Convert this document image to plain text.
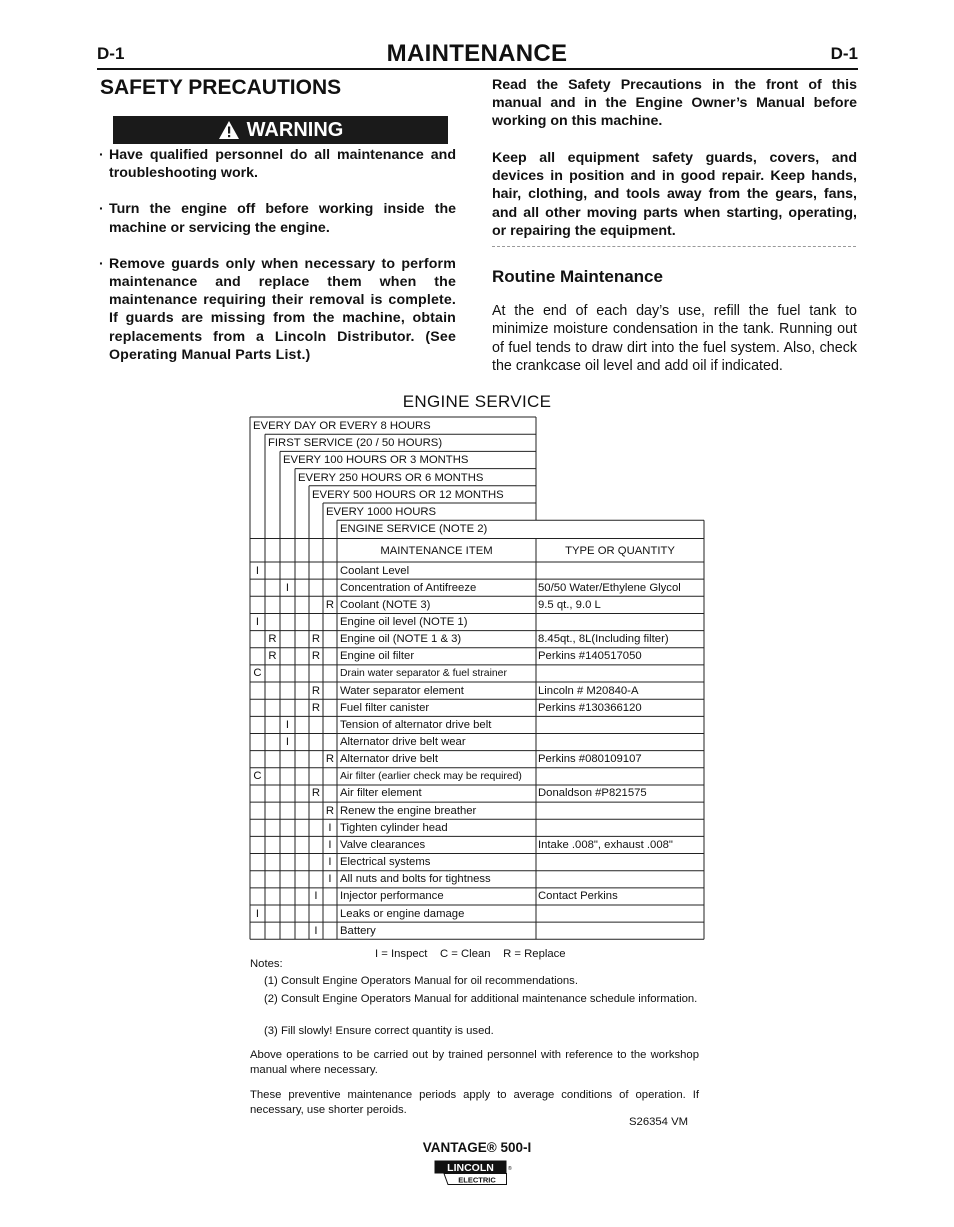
D-1	D-1
MAINTENANCE
SAFETY PRECAUTIONS
WARNING
· Have qualified personnel do all maintenance and troubleshooting work.
· Turn the engine off before working inside the machine or servicing the engine.
· Remove guards only when necessary to perform maintenance and replace them when the maintenance requiring their removal is complete. If guards are missing from the machine, obtain replacements from a Lincoln Distributor. (See Operating Manual Parts List.)
Read the Safety Precautions in the front of this manual and in the Engine Owner’s Manual before working on this machine.
Keep all equipment safety guards, covers, and devices in position and in good repair. Keep hands, hair, clothing, and tools away from the gears, fans, and all other moving parts when starting, operating, or repairing the equipment.
Routine Maintenance
At the end of each day’s use, refill the fuel tank to minimize moisture condensation in the tank. Running out of fuel tends to draw dirt into the fuel system. Also, check the crankcase oil level and add oil if indicated.
ENGINE SERVICE
EVERY DAY OR EVERY 8 HOURS
FIRST SERVICE (20 / 50 HOURS)
EVERY 100 HOURS OR 3 MONTHS
EVERY 250 HOURS OR 6 MONTHS
EVERY 500 HOURS OR 12 MONTHS
EVERY 1000 HOURS
ENGINE SERVICE (NOTE 2)
MAINTENANCE ITEM	TYPE OR QUANTITY
I	Coolant Level
I	Concentration of Antifreeze	50/50 Water/Ethylene Glycol
R Coolant (NOTE 3)	9.5 qt., 9.0 L
I	Engine oil level (NOTE 1)
R	R Engine oil (NOTE 1 & 3)	8.45qt., 8L(Including filter)
R	R Engine oil filter	Perkins #140517050
C	Drain water separator & fuel strainer
R Water separator element	Lincoln # M20840-A
R Fuel filter canister	Perkins #130366120
I	Tension of alternator drive belt
I	Alternator drive belt wear
R Alternator drive belt	Perkins #080109107
C	Air filter (earlier check may be required)
R Air filter element	Donaldson #P821575
R Renew the engine breather
I Tighten cylinder head
I Valve clearances	Intake .008", exhaust .008"
I Electrical systems
I All nuts and bolts for tightness
I	Injector performance	Contact Perkins
I	Leaks or engine damage
I	Battery
I = Inspect    C = Clean    R = Replace
Notes:
(1) Consult Engine Operators Manual for oil recommendations.
(2) Consult Engine Operators Manual for additional maintenance schedule information.
(3) Fill slowly! Ensure correct quantity is used.
Above operations to be carried out by trained personnel with reference to the workshop manual where necessary.
These preventive maintenance periods apply to average conditions of operation. If necessary, use shorter peroids.
S26354 VM
VANTAGE® 500-I
LINCOLN
ELECTRIC
®
